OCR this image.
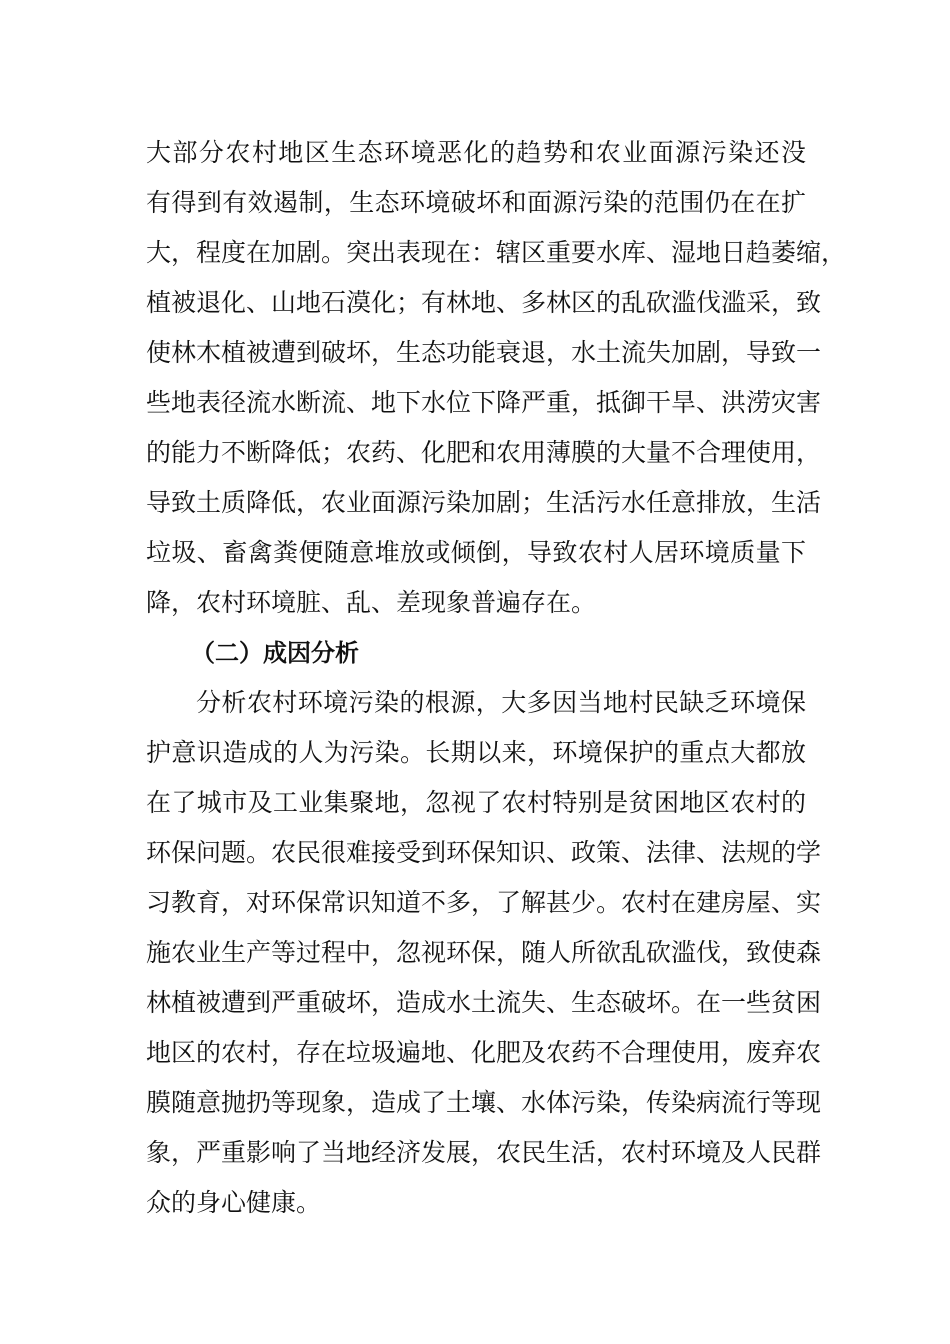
大部分农村地区生态环境恶化的趋势和农业面源污染还没
有得到有效遏制，生态环境破坏和面源污染的范围仍在在扩
大，程度在加剧。突出表现在：辖区重要水库、湿地日趋萎缩，
植被退化、山地石漠化；有林地、多林区的乱砍滥伐滥采，致
使林木植被遭到破坏，生态功能衰退，水土流失加剧，导致一
些地表径流水断流、地下水位下降严重，抵御干旱、洪涝灾害
的能力不断降低；农药、化肥和农用薄膜的大量不合理使用，
导致土质降低，农业面源污染加剧；生活污水任意排放，生活
垃圾、畜禽粪便随意堆放或倾倒，导致农村人居环境质量下
降，农村环境脏、乱、差现象普遍存在。
（二）成因分析
分析农村环境污染的根源，大多因当地村民缺乏环境保
护意识造成的人为污染。长期以来，环境保护的重点大都放
在了城市及工业集聚地，忽视了农村特别是贫困地区农村的
环保问题。农民很难接受到环保知识、政策、法律、法规的学
习教育，对环保常识知道不多，了解甚少。农村在建房屋、实
施农业生产等过程中，忽视环保，随人所欲乱砍滥伐，致使森
林植被遭到严重破坏，造成水土流失、生态破坏。在一些贫困
地区的农村，存在垃圾遍地、化肥及农药不合理使用，废弃农
膜随意抛扔等现象，造成了土壤、水体污染，传染病流行等现
象，严重影响了当地经济发展，农民生活，农村环境及人民群
众的身心健康。
